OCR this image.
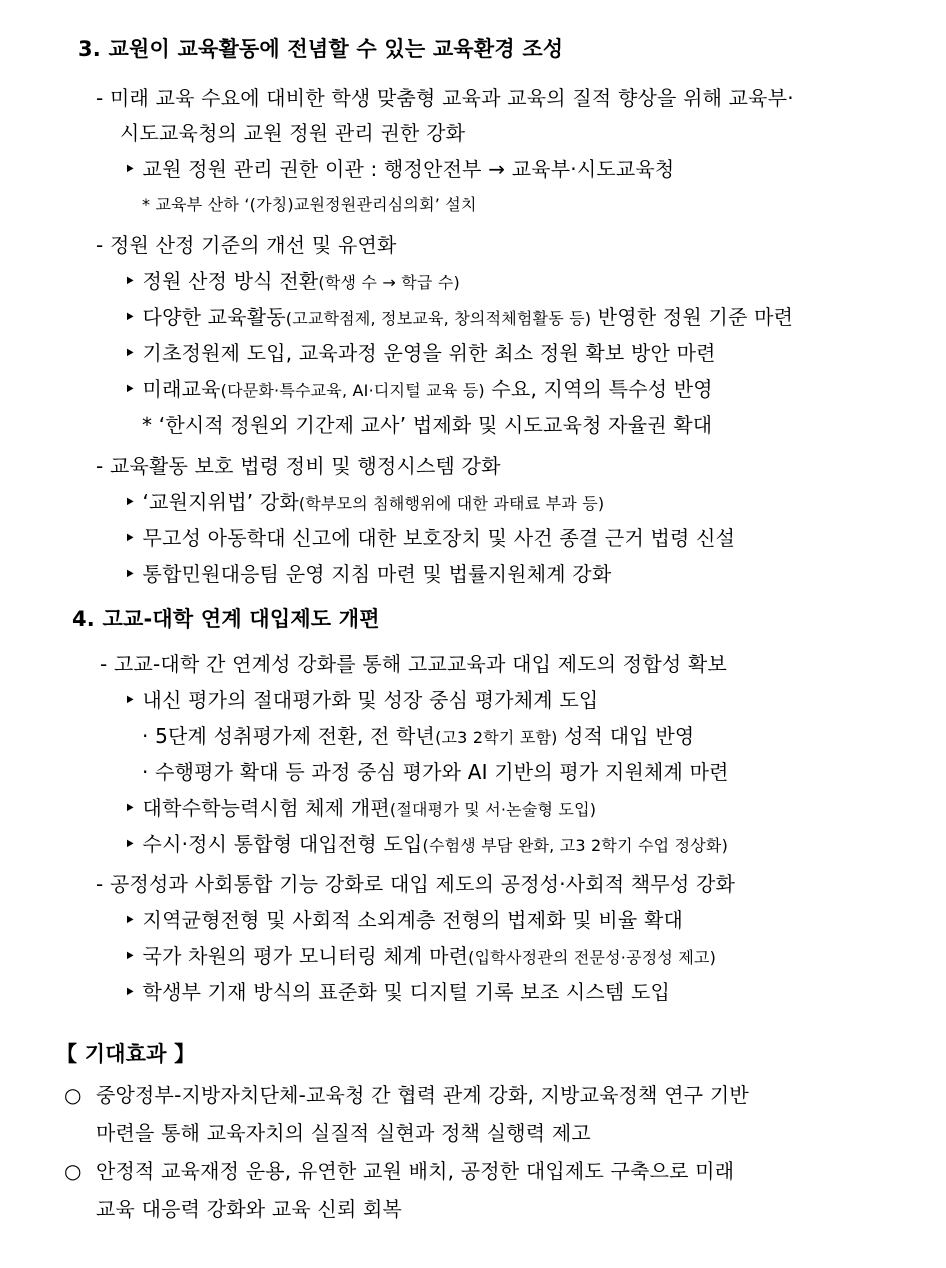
3. 교원이 교육활동에 전념할 수 있는 교육환경 조성
- 미래 교육 수요에 대비한 학생 맞춤형 교육과 교육의 질적 향상을 위해 교육부·
시도교육청의 교원 정원 관리 권한 강화
‣ 교원 정원 관리 권한 이관 : 행정안전부 → 교육부·시도교육청
* 교육부 산하 ‘(가칭)교원정원관리심의회’ 설치
- 정원 산정 기준의 개선 및 유연화
‣ 정원 산정 방식 전환(학생 수 → 학급 수)
‣ 다양한 교육활동(고교학점제, 정보교육, 창의적체험활동 등) 반영한 정원 기준 마련
‣ 기초정원제 도입, 교육과정 운영을 위한 최소 정원 확보 방안 마련
‣ 미래교육(다문화·특수교육, AI·디지털 교육 등) 수요, 지역의 특수성 반영
* ‘한시적 정원외 기간제 교사’ 법제화 및 시도교육청 자율권 확대
- 교육활동 보호 법령 정비 및 행정시스템 강화
‣ ‘교원지위법’ 강화(학부모의 침해행위에 대한 과태료 부과 등)
‣ 무고성 아동학대 신고에 대한 보호장치 및 사건 종결 근거 법령 신설
‣ 통합민원대응팀 운영 지침 마련 및 법률지원체계 강화
4. 고교-대학 연계 대입제도 개편
- 고교-대학 간 연계성 강화를 통해 고교교육과 대입 제도의 정합성 확보
‣ 내신 평가의 절대평가화 및 성장 중심 평가체계 도입
· 5단계 성취평가제 전환, 전 학년(고3 2학기 포함) 성적 대입 반영
· 수행평가 확대 등 과정 중심 평가와 AI 기반의 평가 지원체계 마련
‣ 대학수학능력시험 체제 개편(절대평가 및 서·논술형 도입)
‣ 수시·정시 통합형 대입전형 도입(수험생 부담 완화, 고3 2학기 수업 정상화)
- 공정성과 사회통합 기능 강화로 대입 제도의 공정성·사회적 책무성 강화
‣ 지역균형전형 및 사회적 소외계층 전형의 법제화 및 비율 확대
‣ 국가 차원의 평가 모니터링 체계 마련(입학사정관의 전문성·공정성 제고)
‣ 학생부 기재 방식의 표준화 및 디지털 기록 보조 시스템 도입
【 기대효과 】
○ 중앙정부-지방자치단체-교육청 간 협력 관계 강화, 지방교육정책 연구 기반
마련을 통해 교육자치의 실질적 실현과 정책 실행력 제고
○ 안정적 교육재정 운용, 유연한 교원 배치, 공정한 대입제도 구축으로 미래
교육 대응력 강화와 교육 신뢰 회복
